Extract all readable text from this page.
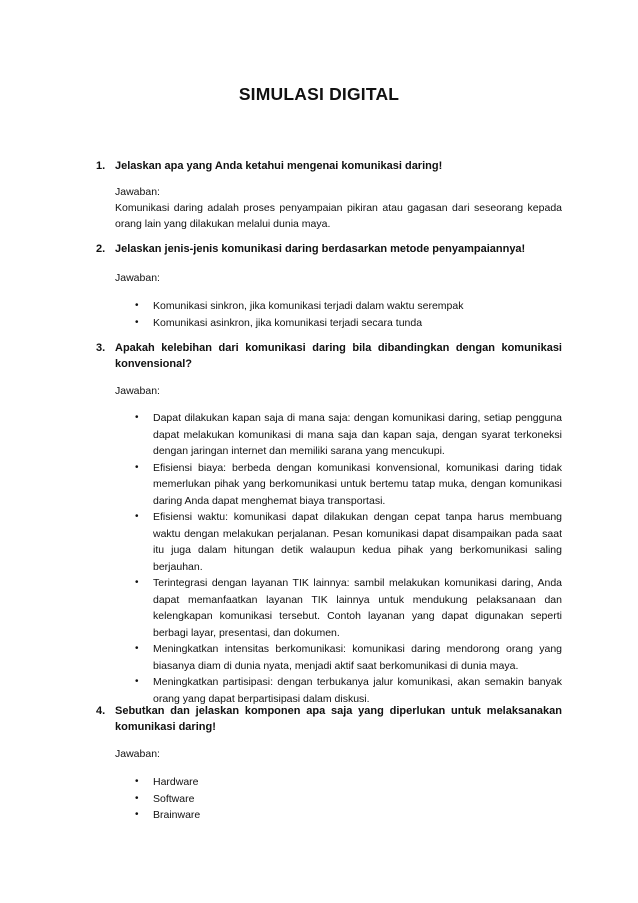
SIMULASI DIGITAL
1. Jelaskan apa yang Anda ketahui mengenai komunikasi daring!
Jawaban:
Komunikasi daring adalah proses penyampaian pikiran atau gagasan dari seseorang kepada orang lain yang dilakukan melalui dunia maya.
2. Jelaskan jenis-jenis komunikasi daring berdasarkan metode penyampaiannya!
Jawaban:
• Komunikasi sinkron, jika komunikasi terjadi dalam waktu serempak
• Komunikasi asinkron, jika komunikasi terjadi secara tunda
3. Apakah kelebihan dari komunikasi daring bila dibandingkan dengan komunikasi konvensional?
Jawaban:
• Dapat dilakukan kapan saja di mana saja: dengan komunikasi daring, setiap pengguna dapat melakukan komunikasi di mana saja dan kapan saja, dengan syarat terkoneksi dengan jaringan internet dan memiliki sarana yang mencukupi.
• Efisiensi biaya: berbeda dengan komunikasi konvensional, komunikasi daring tidak memerlukan pihak yang berkomunikasi untuk bertemu tatap muka, dengan komunikasi daring Anda dapat menghemat biaya transportasi.
• Efisiensi waktu: komunikasi dapat dilakukan dengan cepat tanpa harus membuang waktu dengan melakukan perjalanan. Pesan komunikasi dapat disampaikan pada saat itu juga dalam hitungan detik walaupun kedua pihak yang berkomunikasi saling berjauhan.
• Terintegrasi dengan layanan TIK lainnya: sambil melakukan komunikasi daring, Anda dapat memanfaatkan layanan TIK lainnya untuk mendukung pelaksanaan dan kelengkapan komunikasi tersebut. Contoh layanan yang dapat digunakan seperti berbagi layar, presentasi, dan dokumen.
• Meningkatkan intensitas berkomunikasi: komunikasi daring mendorong orang yang biasanya diam di dunia nyata, menjadi aktif saat berkomunikasi di dunia maya.
• Meningkatkan partisipasi: dengan terbukanya jalur komunikasi, akan semakin banyak orang yang dapat berpartisipasi dalam diskusi.
4. Sebutkan dan jelaskan komponen apa saja yang diperlukan untuk melaksanakan komunikasi daring!
Jawaban:
• Hardware
• Software
• Brainware
